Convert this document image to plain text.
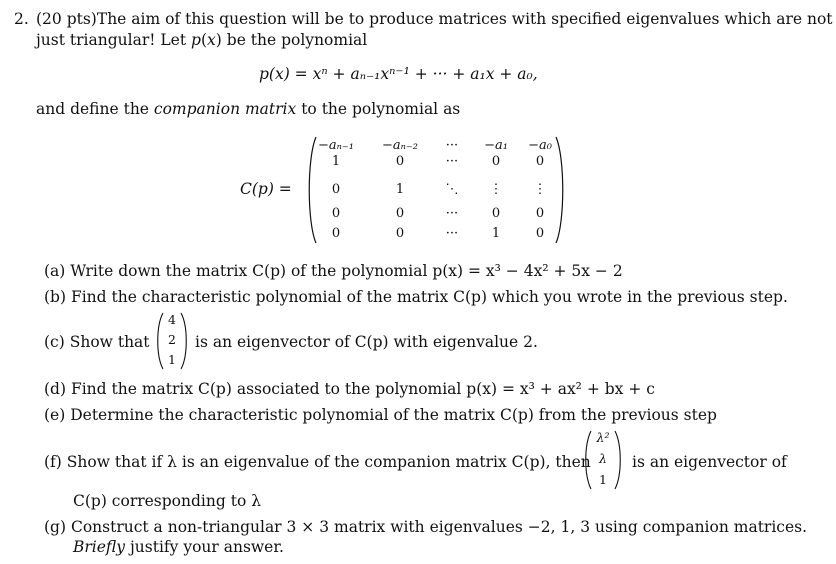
2. (20 pts)The aim of this question will be to produce matrices with specified eigenvalues which are not
just triangular! Let p(x) be the polynomial
p(x) = xⁿ + aₙ₋₁xⁿ⁻¹ + ··· + a₁x + a₀,
and define the companion matrix to the polynomial as
C(p) =
−aₙ₋₁	−aₙ₋₂	···	−a₁	−a₀
1	0	···	0	0
0	1	⋱	⋮	⋮
0	0	···	0	0
0	0	···	1	0
(a) Write down the matrix C(p) of the polynomial p(x) = x³ − 4x² + 5x − 2
(b) Find the characteristic polynomial of the matrix C(p) which you wrote in the previous step.
(c) Show that
4
2
1
is an eigenvector of C(p) with eigenvalue 2.
(d) Find the matrix C(p) associated to the polynomial p(x) = x³ + ax² + bx + c
(e) Determine the characteristic polynomial of the matrix C(p) from the previous step
(f) Show that if λ is an eigenvalue of the companion matrix C(p), then
λ²
λ
1
is an eigenvector of
C(p) corresponding to λ
(g) Construct a non-triangular 3 × 3 matrix with eigenvalues −2, 1, 3 using companion matrices.
Briefly justify your answer.
